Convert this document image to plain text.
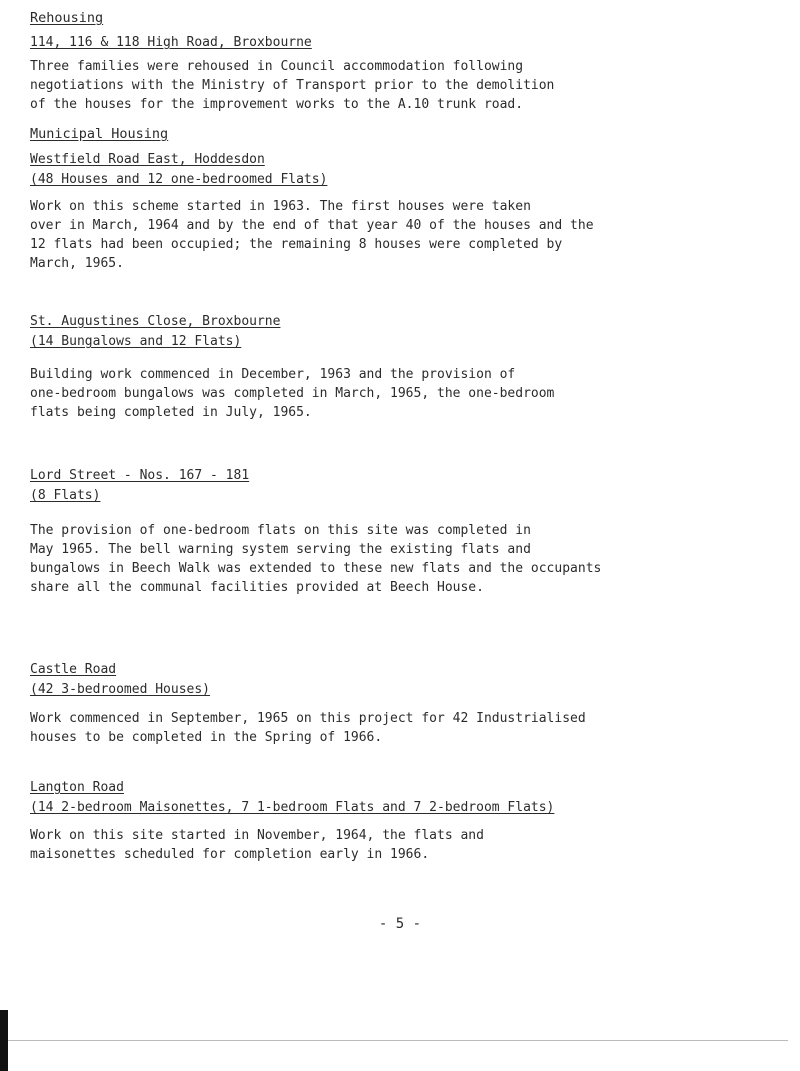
Rehousing

114, 116 & 118 High Road, Broxbourne

Three families were rehoused in Council accommodation following
negotiations with the Ministry of Transport prior to the demolition
of the houses for the improvement works to the A.10 trunk road.

Municipal Housing

Westfield Road East, Hoddesdon

(48 Houses and 12 one-bedroomed Flats)

Work on this scheme started in 1963. The first houses were taken
over in March, 1964 and by the end of that year 40 of the houses and the
12 flats had been occupied; the remaining 8 houses were completed by
March, 1965.

St. Augustines Close, Broxbourne

(14 Bungalows and 12 Flats)

Building work commenced in December, 1963 and the provision of
one-bedroom bungalows was completed in March, 1965, the one-bedroom
flats being completed in July, 1965.

Lord Street - Nos. 167 - 181

(8 Flats)

The provision of one-bedroom flats on this site was completed in
May 1965. The bell warning system serving the existing flats and
bungalows in Beech Walk was extended to these new flats and the occupants
share all the communal facilities provided at Beech House.

Castle Road

(42 3-bedroomed Houses)

Work commenced in September, 1965 on this project for 42 Industrialised
houses to be completed in the Spring of 1966.

Langton Road

(14 2-bedroom Maisonettes, 7 1-bedroom Flats and 7 2-bedroom Flats)

Work on this site started in November, 1964, the flats and
maisonettes scheduled for completion early in 1966.

- 5 -
